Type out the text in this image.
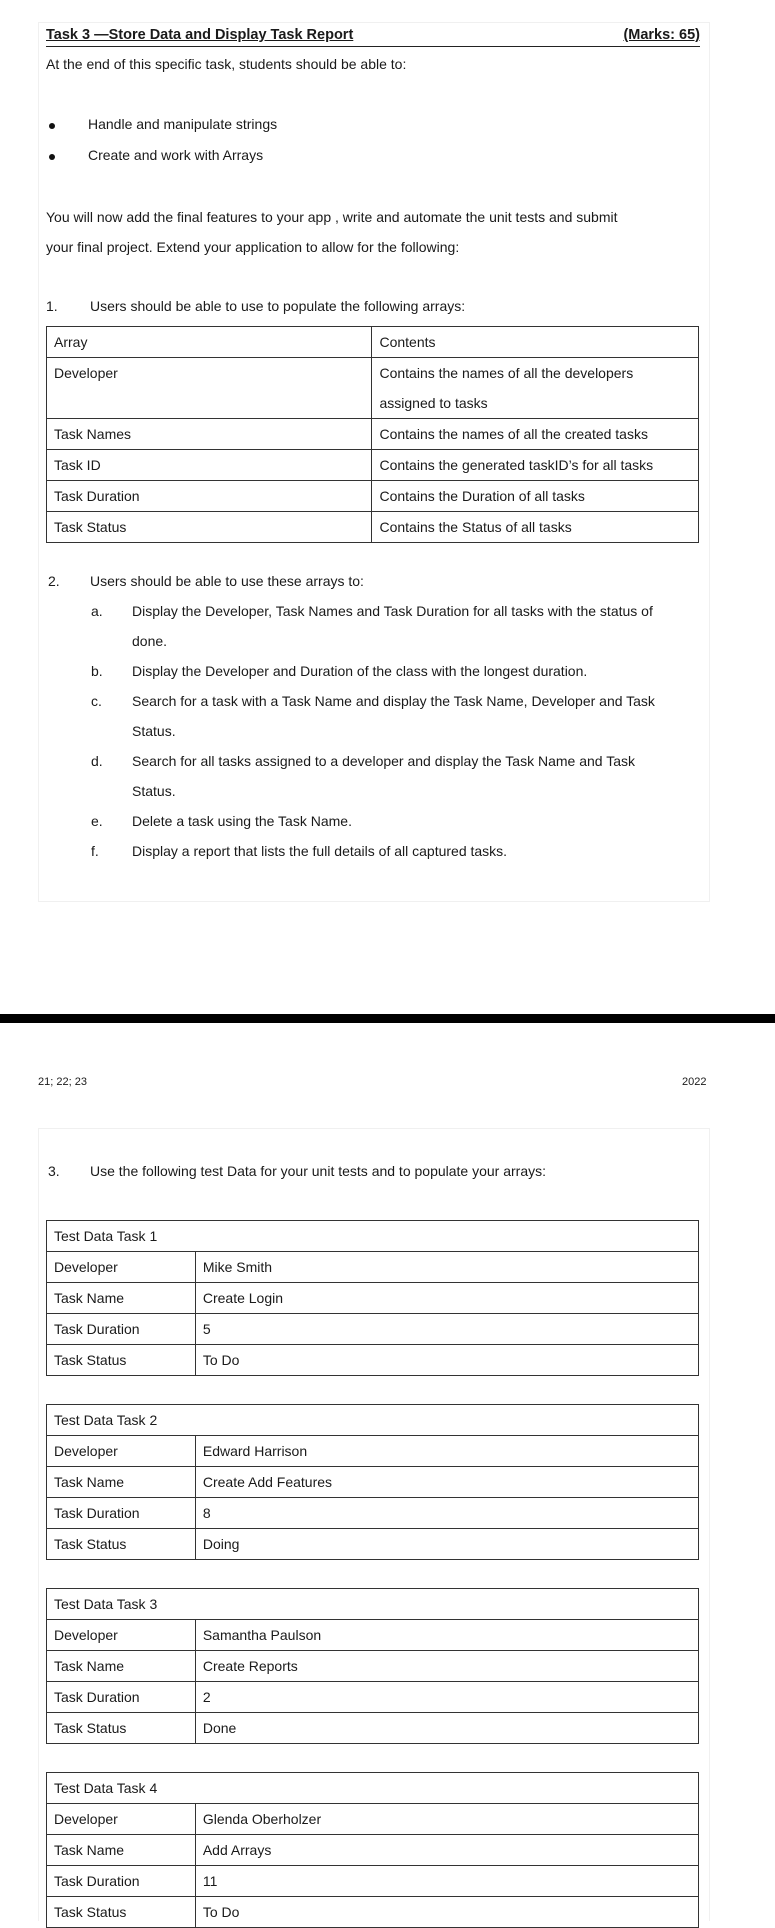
Task 3 —Store Data and Display Task Report	(Marks: 65)
At the end of this specific task, students should be able to:
Handle and manipulate strings
Create and work with Arrays
You will now add the final features to your app , write and automate the unit tests and submit
your final project. Extend your application to allow for the following:
1. Users should be able to use to populate the following arrays:
Array	Contents
Developer	Contains the names of all the developers
assigned to tasks

Task Names	Contains the names of all the created tasks
Task ID	Contains the generated taskID’s for all tasks
Task Duration	Contains the Duration of all tasks
Task Status	Contains the Status of all tasks
2. Users should be able to use these arrays to:
a. Display the Developer, Task Names and Task Duration for all tasks with the status of
done.
b. Display the Developer and Duration of the class with the longest duration.
c. Search for a task with a Task Name and display the Task Name, Developer and Task
Status.
d. Search for all tasks assigned to a developer and display the Task Name and Task
Status.
e. Delete a task using the Task Name.
f. Display a report that lists the full details of all captured tasks.
21; 22; 23	2022
3. Use the following test Data for your unit tests and to populate your arrays:
Test Data Task 1	
Developer	Mike Smith
Task Name	Create Login
Task Duration	5
Task Status	To Do
Test Data Task 2	
Developer	Edward Harrison
Task Name	Create Add Features
Task Duration	8
Task Status	Doing
Test Data Task 3	
Developer	Samantha Paulson
Task Name	Create Reports
Task Duration	2
Task Status	Done
Test Data Task 4	
Developer	Glenda Oberholzer
Task Name	Add Arrays
Task Duration	11
Task Status	To Do
